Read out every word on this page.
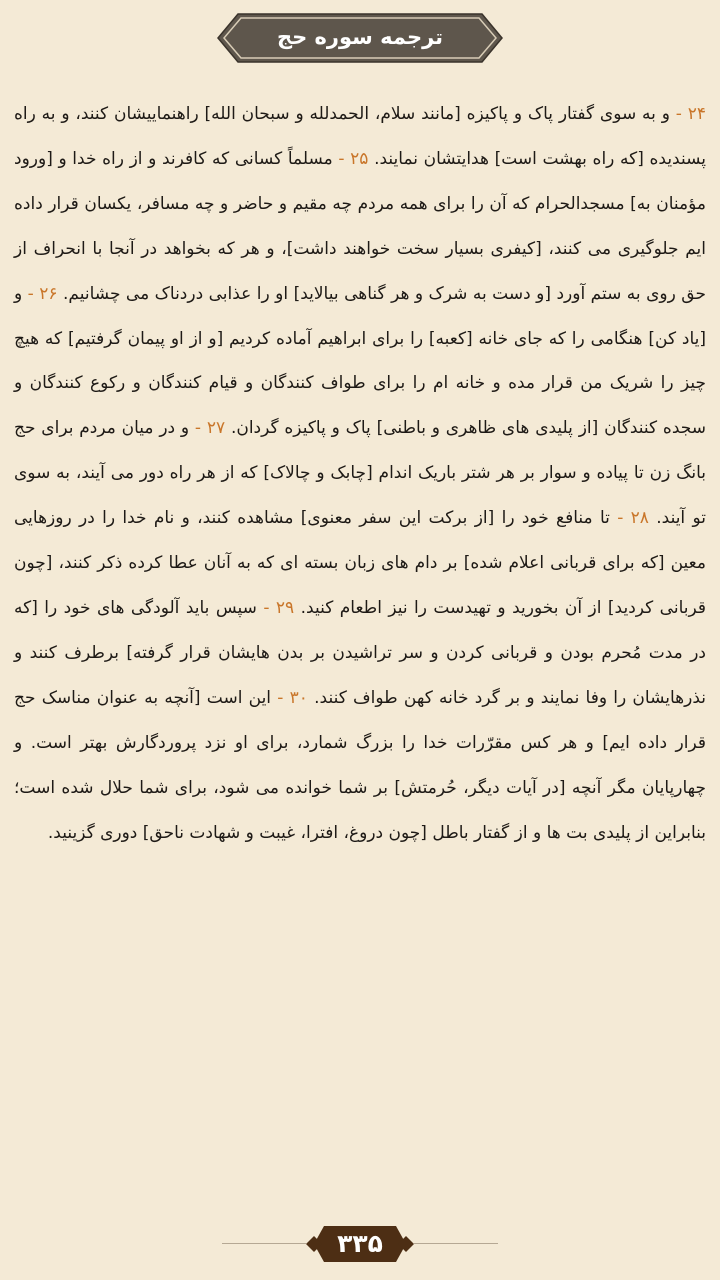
ترجمه سوره حج

۲۴ - و به سوی گفتار پاک و پاکیزه [مانند سلام، الحمدلله و سبحان الله] راهنماییشان کنند، و به راه پسندیده [که راه بهشت است] هدایتشان نمایند. ۲۵ - مسلماً کسانی که کافرند و از راه خدا و [ورود مؤمنان به] مسجدالحرام که آن را برای همه مردم چه مقیم و حاضر و چه مسافر، یکسان قرار داده ایم جلوگیری می کنند، [کیفری بسیار سخت خواهند داشت]، و هر که بخواهد در آنجا با انحراف از حق روی به ستم آورد [و دست به شرک و هر گناهی بیالاید] او را عذابی دردناک می چشانیم. ۲۶ - و [یاد کن] هنگامی را که جای خانه [کعبه] را برای ابراهیم آماده کردیم [و از او پیمان گرفتیم] که هیچ چیز را شریک من قرار مده و خانه ام را برای طواف کنندگان و قیام کنندگان و رکوع کنندگان و سجده کنندگان [از پلیدی های ظاهری و باطنی] پاک و پاکیزه گردان. ۲۷ - و در میان مردم برای حج بانگ زن تا پیاده و سوار بر هر شتر باریک اندام [چابک و چالاک] که از هر راه دور می آیند، به سوی تو آیند. ۲۸ - تا منافع خود را [از برکت این سفر معنوی] مشاهده کنند، و نام خدا را در روزهایی معین [که برای قربانی اعلام شده] بر دام های زبان بسته ای که به آنان عطا کرده ذکر کنند، [چون قربانی کردید] از آن بخورید و تهیدست را نیز اطعام کنید. ۲۹ - سپس باید آلودگی های خود را [که در مدت مُحرم بودن و قربانی کردن و سر تراشیدن بر بدن هایشان قرار گرفته] برطرف کنند و نذرهایشان را وفا نمایند و بر گرد خانه کهن طواف کنند. ۳۰ - این است [آنچه به عنوان مناسک حج قرار داده ایم] و هر کس مقرّرات خدا را بزرگ شمارد، برای او نزد پروردگارش بهتر است. و چهارپایان مگر آنچه [در آیات دیگر، حُرمتش] بر شما خوانده می شود، برای شما حلال شده است؛ بنابراین از پلیدی بت ها و از گفتار باطل [چون دروغ، افترا، غیبت و شهادت ناحق] دوری گزینید.

۳۳۵
